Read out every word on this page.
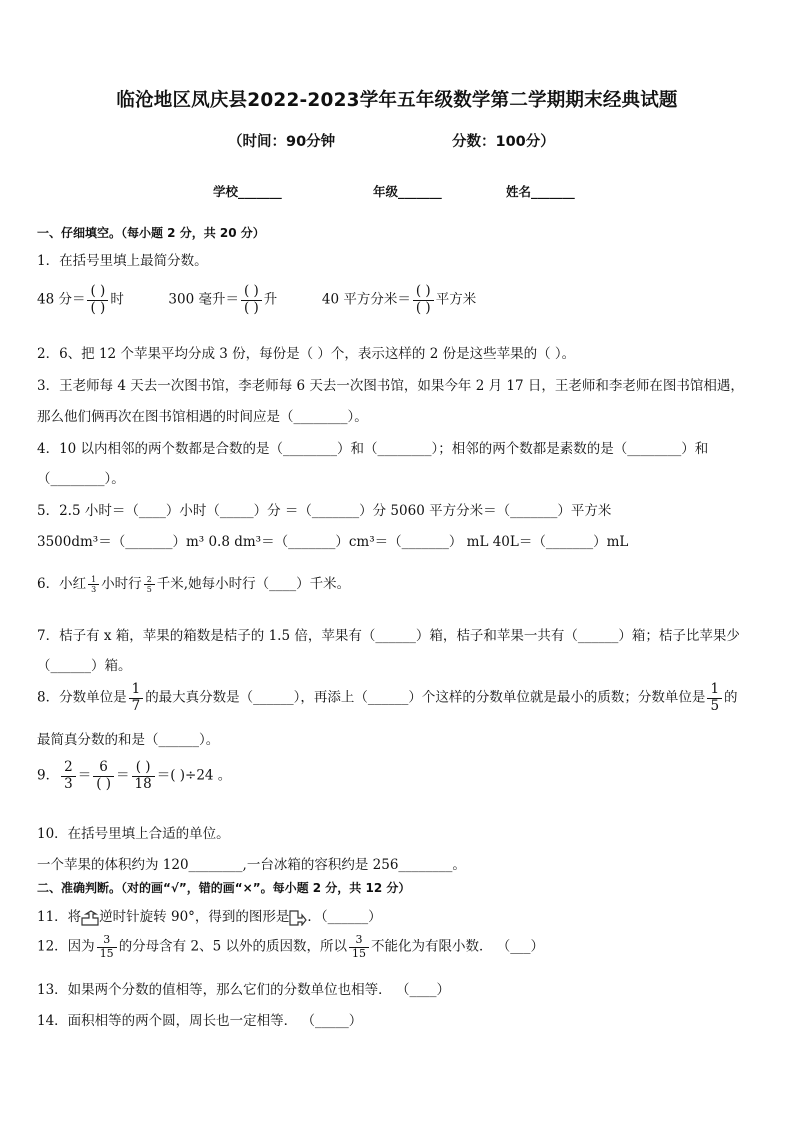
临沧地区凤庆县2022-2023学年五年级数学第二学期期末经典试题
（时间：90分钟	分数：100分）
学校_______	年级_______	姓名_______
一、仔细填空。（每小题 2 分，共 20 分）
1．在括号里填上最简分数。
48 分＝ $\frac{( )}{( )}$ 时	300 毫升＝ $\frac{( )}{( )}$ 升	40 平方分米＝ $\frac{( )}{( )}$ 平方米
2．6、把 12 个苹果平均分成 3 份，每份是（ ）个，表示这样的 2 份是这些苹果的（ ）。
3．王老师每 4 天去一次图书馆，李老师每 6 天去一次图书馆，如果今年 2 月 17 日，王老师和李老师在图书馆相遇，
那么他们俩再次在图书馆相遇的时间应是（________）。
4．10 以内相邻的两个数都是合数的是（________）和（________）；相邻的两个数都是素数的是（________）和
（________）。
5．2.5 小时＝（____）小时（_____）分 ＝（_______）分 5060 平方分米＝（_______）平方米
3500dm³＝（_______）m³ 0.8 dm³＝（_______）cm³＝（_______） mL 40L＝（_______）mL
6．小红 $\frac{1}{3}$ 小时行 $\frac{2}{5}$ 千米,她每小时行（____）千米。
7．桔子有 x 箱，苹果的箱数是桔子的 1.5 倍，苹果有（______）箱，桔子和苹果一共有（______）箱；桔子比苹果少
（______）箱。
8．分数单位是 $\frac{1}{7}$ 的最大真分数是（______），再添上（______）个这样的分数单位就是最小的质数；分数单位是 $\frac{1}{5}$ 的
最简真分数的和是（______）。
9． $\frac{2}{3} = \frac{6}{( )} = \frac{( )}{18}$ ＝( )÷24 。
10．在括号里填上合适的单位。
一个苹果的体积约为 120________,一台冰箱的容积约是 256________。
二、准确判断。（对的画“√”，错的画“×”。每小题 2 分，共 12 分）
11．将 逆时针旋转 90°，得到的图形是 ．（______）
12．因为 $\frac{3}{15}$ 的分母含有 2、5 以外的质因数，所以 $\frac{3}{15}$ 不能化为有限小数． （___）
13．如果两个分数的值相等，那么它们的分数单位也相等． （____）
14．面积相等的两个圆，周长也一定相等． （_____）
